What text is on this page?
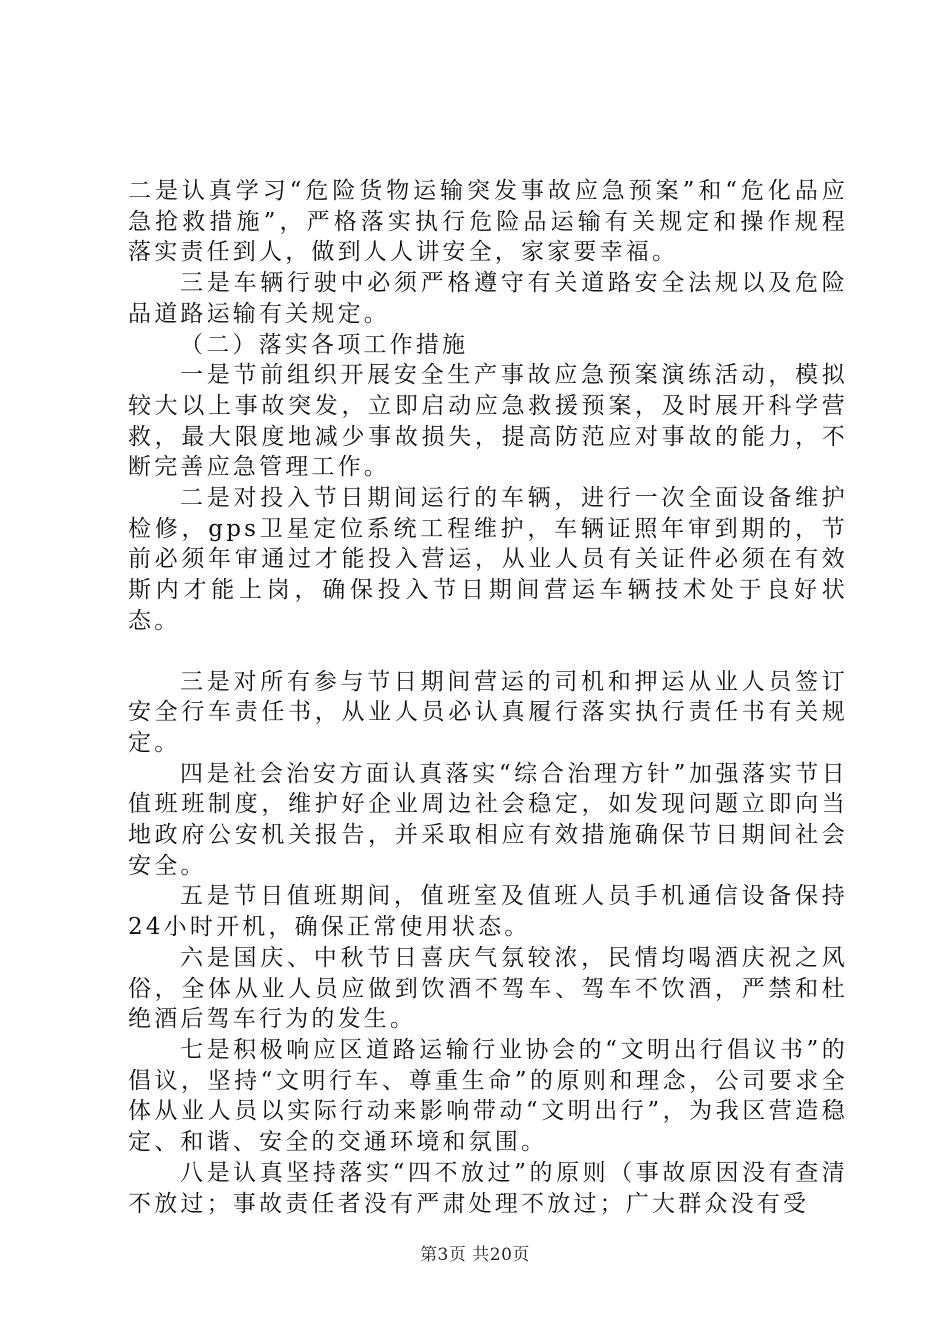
二是认真学习“危险货物运输突发事故应急预案”和“危化品应急抢救措施”，严格落实执行危险品运输有关规定和操作规程落实责任到人，做到人人讲安全，家家要幸福。

三是车辆行驶中必须严格遵守有关道路安全法规以及危险品道路运输有关规定。

（二）落实各项工作措施

一是节前组织开展安全生产事故应急预案演练活动，模拟较大以上事故突发，立即启动应急救援预案，及时展开科学营救，最大限度地减少事故损失，提高防范应对事故的能力，不断完善应急管理工作。

二是对投入节日期间运行的车辆，进行一次全面设备维护检修，gps卫星定位系统工程维护，车辆证照年审到期的，节前必须年审通过才能投入营运，从业人员有关证件必须在有效斯内才能上岗，确保投入节日期间营运车辆技术处于良好状态。

三是对所有参与节日期间营运的司机和押运从业人员签订安全行车责任书，从业人员必认真履行落实执行责任书有关规定。

四是社会治安方面认真落实“综合治理方针”加强落实节日值班班制度，维护好企业周边社会稳定，如发现问题立即向当地政府公安机关报告，并采取相应有效措施确保节日期间社会安全。

五是节日值班期间，值班室及值班人员手机通信设备保持24小时开机，确保正常使用状态。

六是国庆、中秋节日喜庆气氛较浓，民情均喝酒庆祝之风俗，全体从业人员应做到饮酒不驾车、驾车不饮酒，严禁和杜绝酒后驾车行为的发生。

七是积极响应区道路运输行业协会的“文明出行倡议书”的倡议，坚持“文明行车、尊重生命”的原则和理念，公司要求全体从业人员以实际行动来影响带动“文明出行”，为我区营造稳定、和谐、安全的交通环境和氛围。

八是认真坚持落实“四不放过”的原则（事故原因没有查清不放过；事故责任者没有严肃处理不放过；广大群众没有受

第3页 共20页
